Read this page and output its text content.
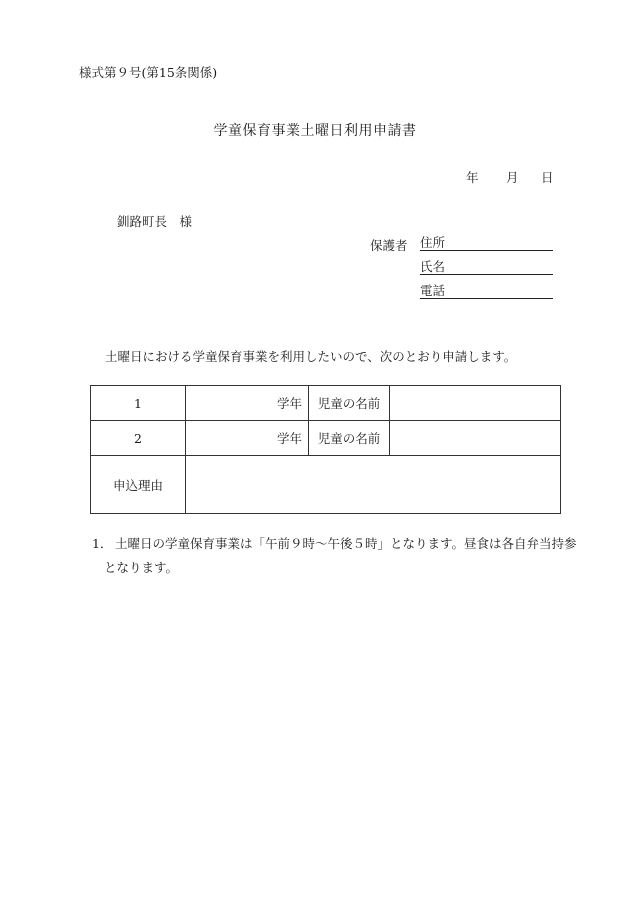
様式第９号(第15条関係)
学童保育事業土曜日利用申請書
年 月 日
釧路町長　様
保護者 住所
氏名
電話
土曜日における学童保育事業を利用したいので、次のとおり申請します。
1	学年	児童の名前	
2	学年	児童の名前	
申込理由			
1． 土曜日の学童保育事業は「午前９時～午後５時」となります。昼食は各自弁当持参
となります。
